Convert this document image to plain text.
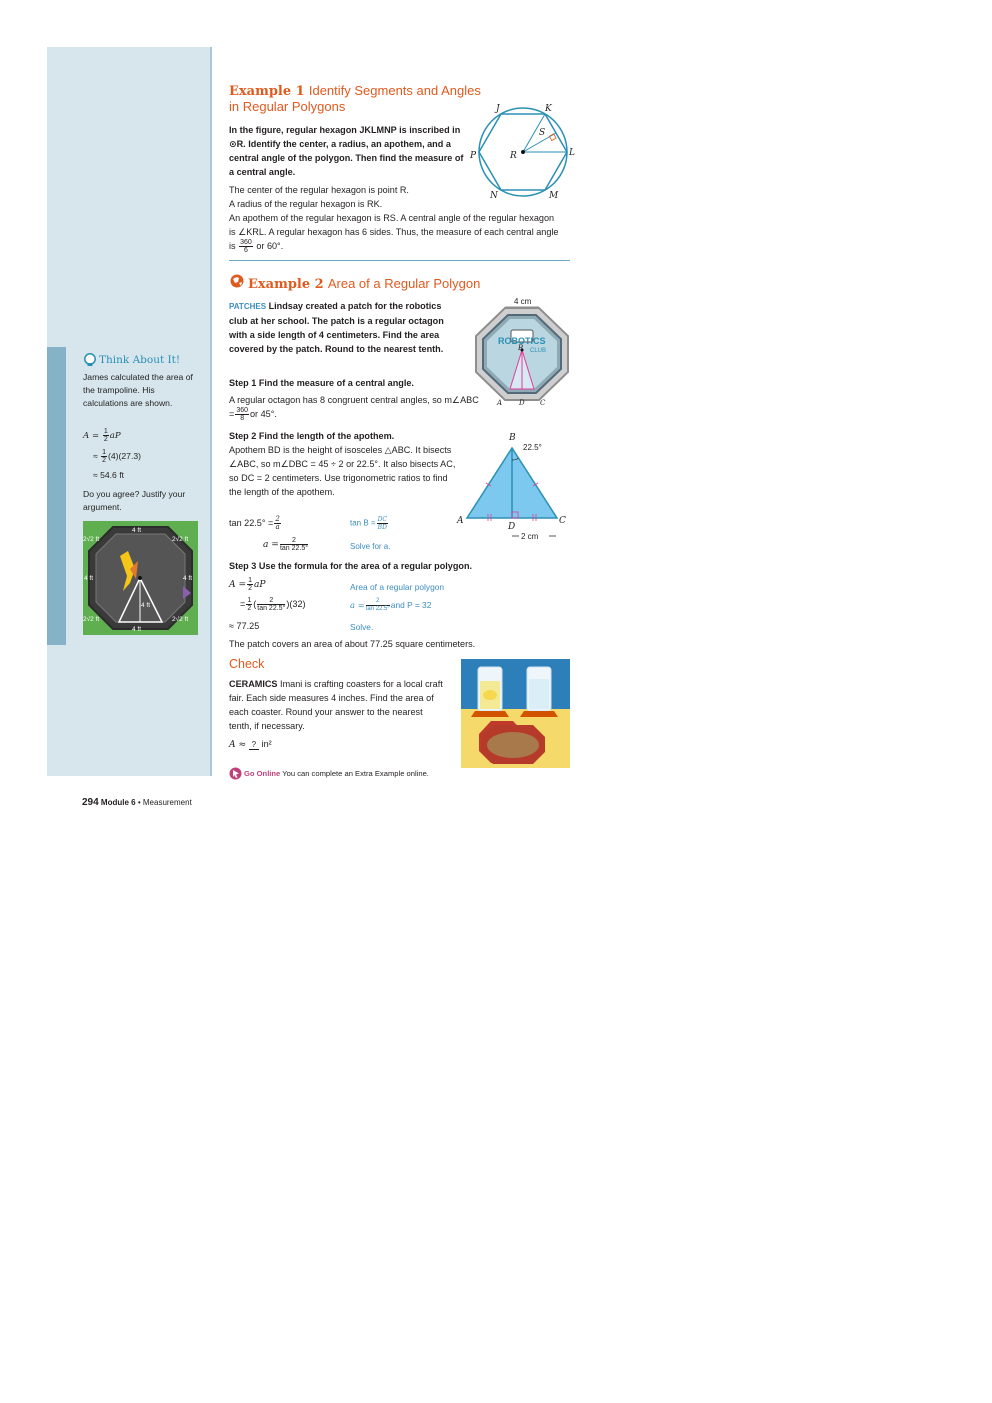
Think About It!
James calculated the area of the trampoline. His calculations are shown.
$A = \frac{1}{2}$ aP
≈ $\frac{1}{2} (4)(27.3)$
≈ 54.6 ft
Do you agree? Justify your argument.
4 ft
4 ft
4 ft	4 ft
4 ft
2√2 ft	2√2 ft
2√2 ft	2√2 ft
Example 1 Identify Segments and Angles
in Regular Polygons
In the figure, regular hexagon JKLMNP is inscribed in ⊙R. Identify the center, a radius, an apothem, and a central angle of the polygon. Then find the measure of a central angle.
The center of the regular hexagon is point R.
A radius of the regular hexagon is RK.
An apothem of the regular hexagon is RS. A central angle of the regular hexagon is ∠KRL. A regular hexagon has 6 sides. Thus, the measure of each central angle is $\frac{360}{6}$ or 60°.
J	K
L
M
N
P	R
S
Example 2 Area of a Regular Polygon
PATCHES Lindsay created a patch for the robotics club at her school. The patch is a regular octagon with a side length of 4 centimeters. Find the area covered by the patch. Round to the nearest tenth.
4 cm
ROBOTICS
CLUB
B
A D C
Step 1 Find the measure of a central angle.
A regular octagon has 8 congruent central angles, so m∠ABC = $\frac{360}{8}$ or 45°.
Step 2 Find the length of the apothem.
Apothem BD is the height of isosceles △ABC. It bisects ∠ABC, so m∠DBC = 45 ÷ 2 or 22.5°. It also bisects AC, so DC = 2 centimeters. Use trigonometric ratios to find the length of the apothem.
B
A	C
D
22.5°
2 cm
$\tan 22.5^\circ = \frac{2}{a}$	$\tan B = \frac{DC}{BD}$
$a = \frac{2}{\tan 22.5^\circ}$	Solve for a.
Step 3 Use the formula for the area of a regular polygon.
$A = \frac{1}{2}$ aP	Area of a regular polygon
= $\frac{1}{2}$ ( $\frac{2}{\tan 22.5^\circ} )(32)$	$a = \frac{2}{\tan 22.5^\circ}$ and P = 32
≈ 77.25	Solve.
The patch covers an area of about 77.25 square centimeters.
Check
CERAMICS Imani is crafting coasters for a local craft fair. Each side measures 4 inches. Find the area of each coaster. Round your answer to the nearest tenth, if necessary.
A ≈ ? in²
Go Online You can complete an Extra Example online.
294 Module 6 • Measurement
